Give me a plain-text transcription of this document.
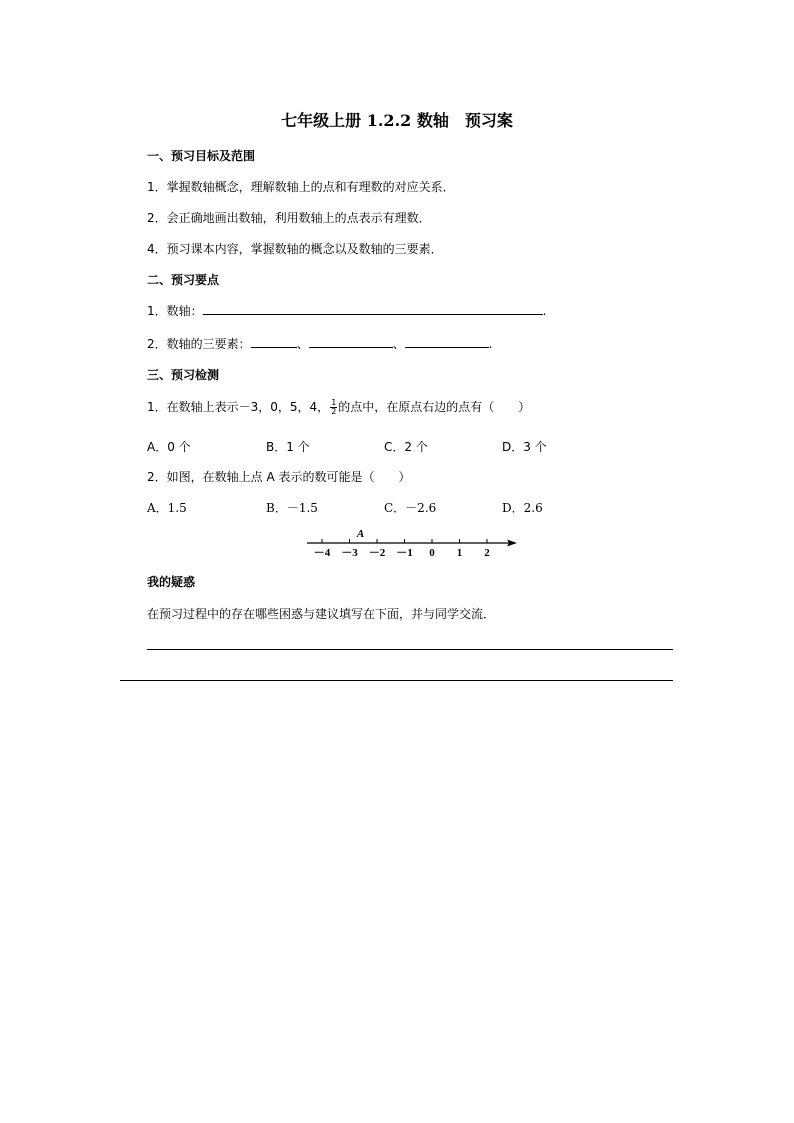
七年级上册 1.2.2 数轴　预习案
一、预习目标及范围
1．掌握数轴概念，理解数轴上的点和有理数的对应关系．
2．会正确地画出数轴，利用数轴上的点表示有理数．
4．预习课本内容，掌握数轴的概念以及数轴的三要素．
二、预习要点
1．数轴：	.
2．数轴的三要素：	、	、	.
三、预习检测
1．在数轴上表示－3，0，5，4， $\frac{1}{2}$ 的点中，在原点右边的点有（　　）
A．0 个	B．1 个	C．2 个	D．3 个
2．如图，在数轴上点 A 表示的数可能是（　　）
A．1.5	B．－1.5	C．－2.6	D．2.6
－4 －3 －2 －1 0 1 2
A
我的疑惑
在预习过程中的存在哪些困惑与建议填写在下面，并与同学交流．
